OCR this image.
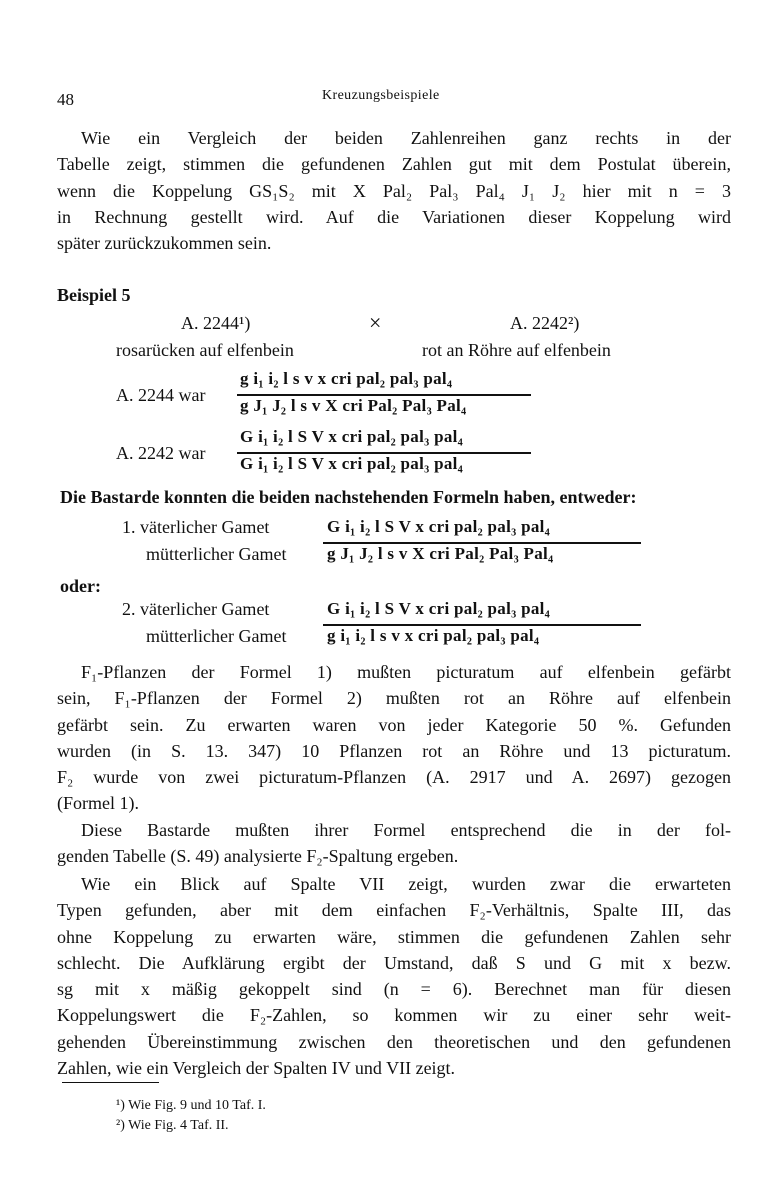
48	Kreuzungsbeispiele
Wie ein Vergleich der beiden Zahlenreihen ganz rechts in der
Tabelle zeigt, stimmen die gefundenen Zahlen gut mit dem Postulat überein,
wenn die Koppelung GS₁S₂ mit X Pal₂ Pal₃ Pal₄ J₁ J₂ hier mit n = 3
in Rechnung gestellt wird. Auf die Variationen dieser Koppelung wird
später zurückzukommen sein.
Beispiel 5
A. 2244¹)	×	A. 2242²)
rosarücken auf elfenbein	rot an Röhre auf elfenbein
A. 2244 war
g i₁ i₂ l s v x cri pal₂ pal₃ pal₄
g J₁ J₂ l s v X cri Pal₂ Pal₃ Pal₄
A. 2242 war
G i₁ i₂ l S V x cri pal₂ pal₃ pal₄
G i₁ i₂ l S V x cri pal₂ pal₃ pal₄
Die Bastarde konnten die beiden nachstehenden Formeln haben, entweder:
1. väterlicher Gamet	G i₁ i₂ l S V x cri pal₂ pal₃ pal₄
mütterlicher Gamet g J₁ J₂ l s v X cri Pal₂ Pal₃ Pal₄
oder:
2. väterlicher Gamet	G i₁ i₂ l S V x cri pal₂ pal₃ pal₄
mütterlicher Gamet g i₁ i₂ l s v x cri pal₂ pal₃ pal₄
F₁-Pflanzen der Formel 1) mußten picturatum auf elfenbein gefärbt
sein, F₁-Pflanzen der Formel 2) mußten rot an Röhre auf elfenbein
gefärbt sein. Zu erwarten waren von jeder Kategorie 50 %. Gefunden
wurden (in S. 13. 347) 10 Pflanzen rot an Röhre und 13 picturatum.
F₂ wurde von zwei picturatum-Pflanzen (A. 2917 und A. 2697) gezogen
(Formel 1).
Diese Bastarde mußten ihrer Formel entsprechend die in der fol-
genden Tabelle (S. 49) analysierte F₂-Spaltung ergeben.
Wie ein Blick auf Spalte VII zeigt, wurden zwar die erwarteten
Typen gefunden, aber mit dem einfachen F₂-Verhältnis, Spalte III, das
ohne Koppelung zu erwarten wäre, stimmen die gefundenen Zahlen sehr
schlecht. Die Aufklärung ergibt der Umstand, daß S und G mit x bezw.
sg mit x mäßig gekoppelt sind (n = 6). Berechnet man für diesen
Koppelungswert die F₂-Zahlen, so kommen wir zu einer sehr weit-
gehenden Übereinstimmung zwischen den theoretischen und den gefundenen
Zahlen, wie ein Vergleich der Spalten IV und VII zeigt.
¹) Wie Fig. 9 und 10 Taf. I.
²) Wie Fig. 4 Taf. II.
